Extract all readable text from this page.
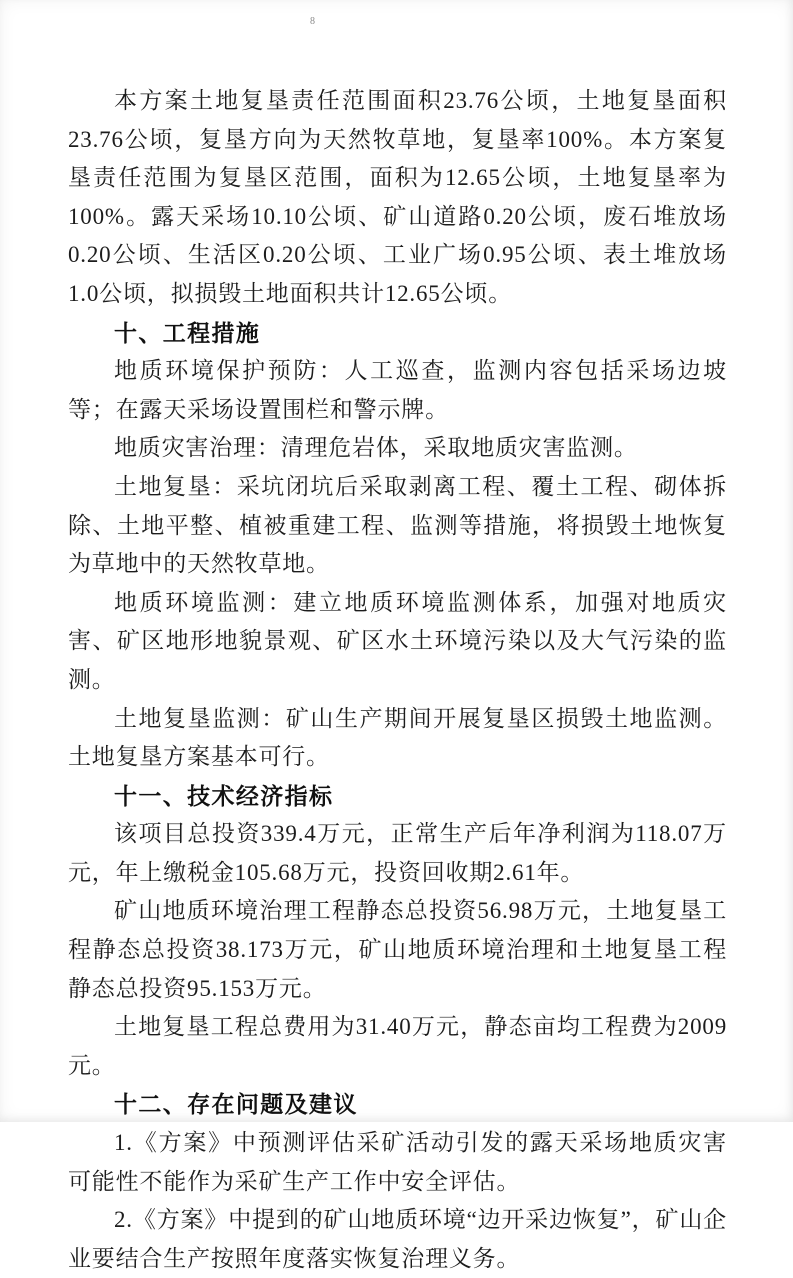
8

本方案土地复垦责任范围面积23.76公顷，土地复垦面积23.76公顷，复垦方向为天然牧草地，复垦率100%。本方案复垦责任范围为复垦区范围，面积为12.65公顷，土地复垦率为100%。露天采场10.10公顷、矿山道路0.20公顷，废石堆放场0.20公顷、生活区0.20公顷、工业广场0.95公顷、表土堆放场1.0公顷，拟损毁土地面积共计12.65公顷。

十、工程措施

地质环境保护预防：人工巡查，监测内容包括采场边坡等；在露天采场设置围栏和警示牌。

地质灾害治理：清理危岩体，采取地质灾害监测。

土地复垦：采坑闭坑后采取剥离工程、覆土工程、砌体拆除、土地平整、植被重建工程、监测等措施，将损毁土地恢复为草地中的天然牧草地。

地质环境监测：建立地质环境监测体系，加强对地质灾害、矿区地形地貌景观、矿区水土环境污染以及大气污染的监测。

土地复垦监测：矿山生产期间开展复垦区损毁土地监测。土地复垦方案基本可行。

十一、技术经济指标

该项目总投资339.4万元，正常生产后年净利润为118.07万元，年上缴税金105.68万元，投资回收期2.61年。

矿山地质环境治理工程静态总投资56.98万元，土地复垦工程静态总投资38.173万元，矿山地质环境治理和土地复垦工程静态总投资95.153万元。

土地复垦工程总费用为31.40万元，静态亩均工程费为2009元。

十二、存在问题及建议

1.《方案》中预测评估采矿活动引发的露天采场地质灾害可能性不能作为采矿生产工作中安全评估。

2.《方案》中提到的矿山地质环境“边开采边恢复”，矿山企业要结合生产按照年度落实恢复治理义务。
